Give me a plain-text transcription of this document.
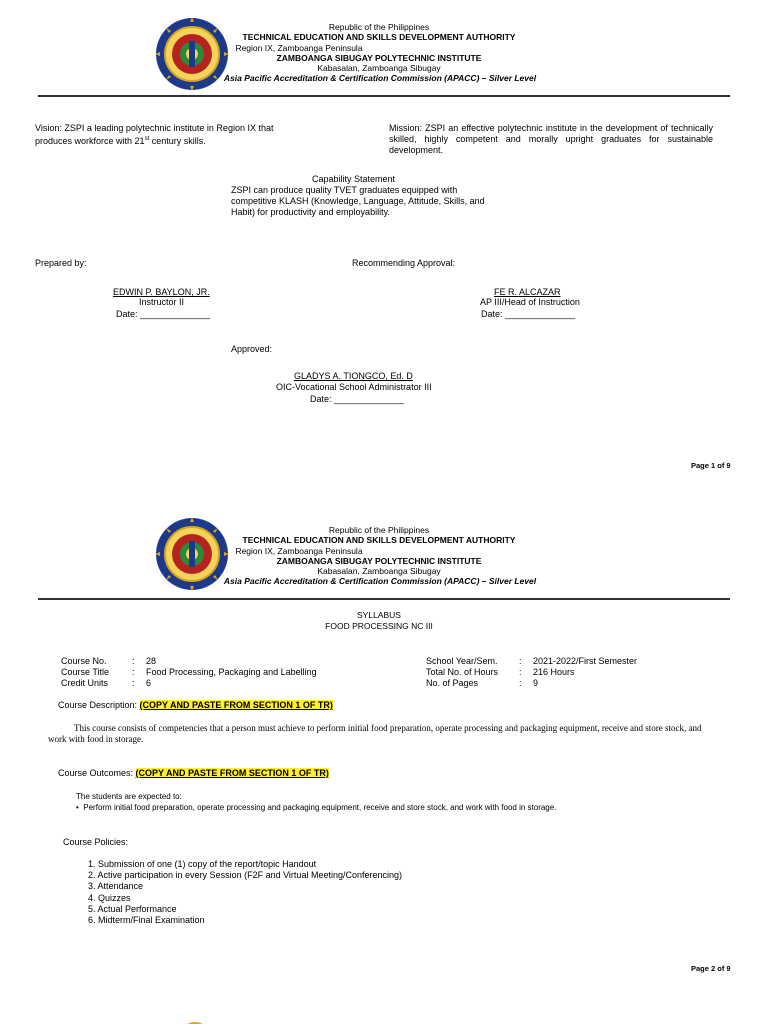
Republic of the Philippines
TECHNICAL EDUCATION AND SKILLS DEVELOPMENT AUTHORITY
Region IX, Zamboanga Peninsula
ZAMBOANGA SIBUGAY POLYTECHNIC INSTITUTE
Kabasalan, Zamboanga Sibugay
Asia Pacific Accreditation & Certification Commission (APACC) – Silver Level
Vision: ZSPI a leading polytechnic institute in Region IX that
produces workforce with 21st century skills.
Mission: ZSPI an effective polytechnic institute in the development of technically skilled, highly competent and morally upright graduates for sustainable development.
Capability Statement
ZSPI can produce quality TVET graduates equipped with competitive KLASH (Knowledge, Language, Attitude, Skills, and Habit) for productivity and employability.
Prepared by:	Recommending Approval:
EDWIN P. BAYLON, JR.
Instructor II
Date: ______________
FE R. ALCAZAR
AP III/Head of Instruction
Date: ______________
Approved:
GLADYS A. TIONGCO, Ed. D
OIC-Vocational School Administrator III
Date: ______________
Page 1 of 9
Republic of the Philippines
TECHNICAL EDUCATION AND SKILLS DEVELOPMENT AUTHORITY
Region IX, Zamboanga Peninsula
ZAMBOANGA SIBUGAY POLYTECHNIC INSTITUTE
Kabasalan, Zamboanga Sibugay
Asia Pacific Accreditation & Certification Commission (APACC) – Silver Level
SYLLABUS
FOOD PROCESSING NC III
Course No.	: 28
Course Title	: Food Processing, Packaging and Labelling
Credit Units	: 6
School Year/Sem. : 2021-2022/First Semester
Total No. of Hours : 216 Hours
No. of Pages	: 9
Course Description: (COPY AND PASTE FROM SECTION 1 OF TR)
This course consists of competencies that a person must achieve to perform initial food preparation, operate processing and packaging equipment, receive and store stock, and work with food in storage.
Course Outcomes: (COPY AND PASTE FROM SECTION 1 OF TR)
The students are expected to:
• Perform initial food preparation, operate processing and packaging equipment, receive and store stock, and work with food in storage.
Course Policies:
1. Submission of one (1) copy of the report/topic Handout
2. Active participation in every Session (F2F and Virtual Meeting/Conferencing)
3. Attendance
4. Quizzes
5. Actual Performance
6. Midterm/Final Examination
Page 2 of 9
